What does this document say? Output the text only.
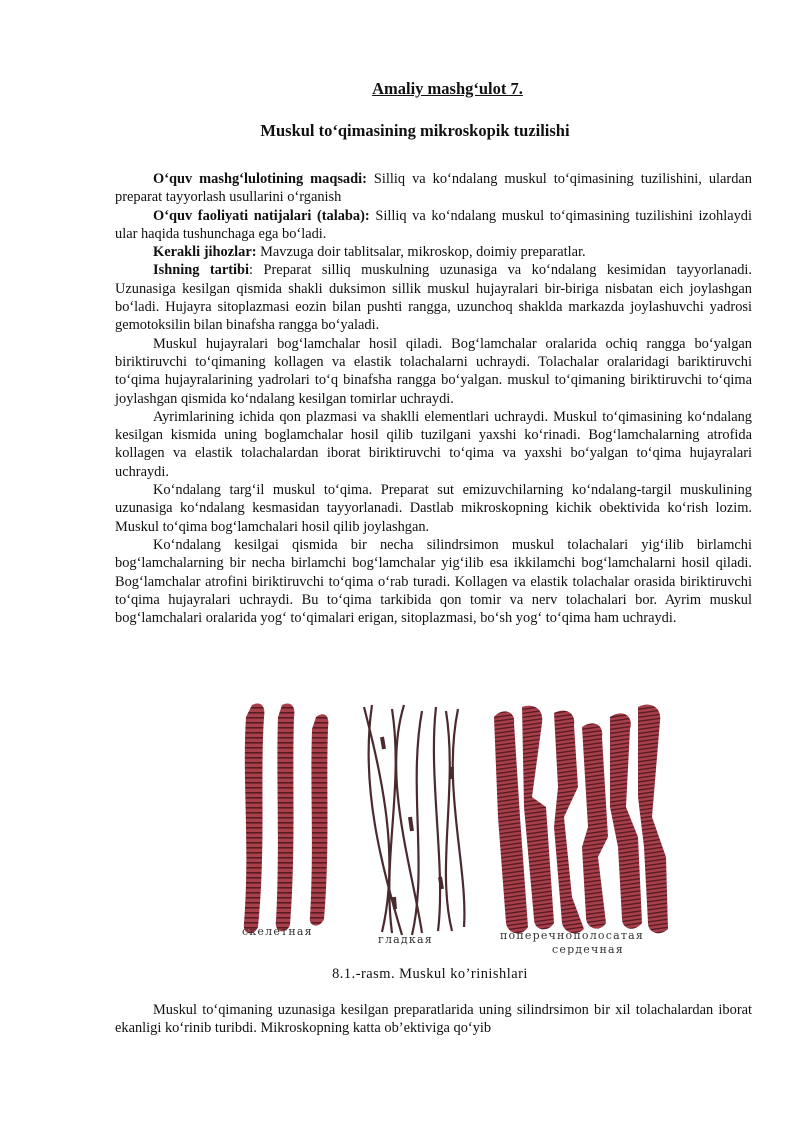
Amaliy mashg‘ulot 7.
Muskul to‘qimasining mikroskopik tuzilishi

O‘quv mashg‘lulotining maqsadi: Silliq va ko‘ndalang muskul to‘qimasining tuzilishini, ulardan preparat tayyorlash usullarini o‘rganish

O‘quv faoliyati natijalari (talaba): Silliq va ko‘ndalang muskul to‘qimasining tuzilishini izohlaydi ular haqida tushunchaga ega bo‘ladi.

Kerakli jihozlar: Mavzuga doir tablitsalar, mikroskop, doimiy preparatlar.

Ishning tartibi: Preparat silliq muskulning uzunasiga va ko‘ndalang kesimidan tayyorlanadi. Uzunasiga kesilgan qismida shakli duksimon sillik muskul hujayralari bir-biriga nisbatan eich joylashgan bo‘ladi. Hujayra sitoplazmasi eozin bilan pushti rangga, uzunchoq shaklda markazda joylashuvchi yadrosi gemotoksilin bilan binafsha rangga bo‘yaladi.

Muskul hujayralari bog‘lamchalar hosil qiladi. Bog‘lamchalar oralarida ochiq rangga bo‘yalgan biriktiruvchi to‘qimaning kollagen va elastik tolachalarni uchraydi. Tolachalar oralaridagi bariktiruvchi to‘qima hujayralarining yadrolari to‘q binafsha rangga bo‘yalgan. muskul to‘qimaning biriktiruvchi to‘qima joylashgan qismida ko‘ndalang kesilgan tomirlar uchraydi.

Ayrimlarining ichida qon plazmasi va shaklli elementlari uchraydi. Muskul to‘qimasining ko‘ndalang kesilgan kismida uning boglamchalar hosil qilib tuzilgani yaxshi ko‘rinadi. Bog‘lamchalarning atrofida kollagen va elastik tolachalardan iborat biriktiruvchi to‘qima va yaxshi bo‘yalgan to‘qima hujayralari uchraydi.

Ko‘ndalang targ‘il muskul to‘qima. Preparat sut emizuvchilarning ko‘ndalang-targil muskulining uzunasiga ko‘ndalang kesmasidan tayyorlanadi. Dastlab mikroskopning kichik obektivida ko‘rish lozim. Muskul to‘qima bog‘lamchalari hosil qilib joylashgan.

Ko‘ndalang kesilgai qismida bir necha silindrsimon muskul tolachalari yig‘ilib birlamchi bog‘lamchalarning bir necha birlamchi bog‘lamchalar yig‘ilib esa ikkilamchi bog‘lamchalarni hosil qiladi. Bog‘lamchalar atrofini biriktiruvchi to‘qima o‘rab turadi. Kollagen va elastik tolachalar orasida biriktiruvchi to‘qima hujayralari uchraydi. Bu to‘qima tarkibida qon tomir va nerv tolachalari bor. Ayrim muskul bog‘lamchalari oralarida yog‘ to‘qimalari erigan, sitoplazmasi, bo‘sh yog‘ to‘qima ham uchraydi.

скелетная
гладкая	поперечнополосатая
сердечная
8.1.-rasm. Muskul ko’rinishlari

Muskul to‘qimaning uzunasiga kesilgan preparatlarida uning silindrsimon bir xil tolachalardan iborat ekanligi ko‘rinib turibdi. Mikroskopning katta ob’ektiviga qo‘yib
